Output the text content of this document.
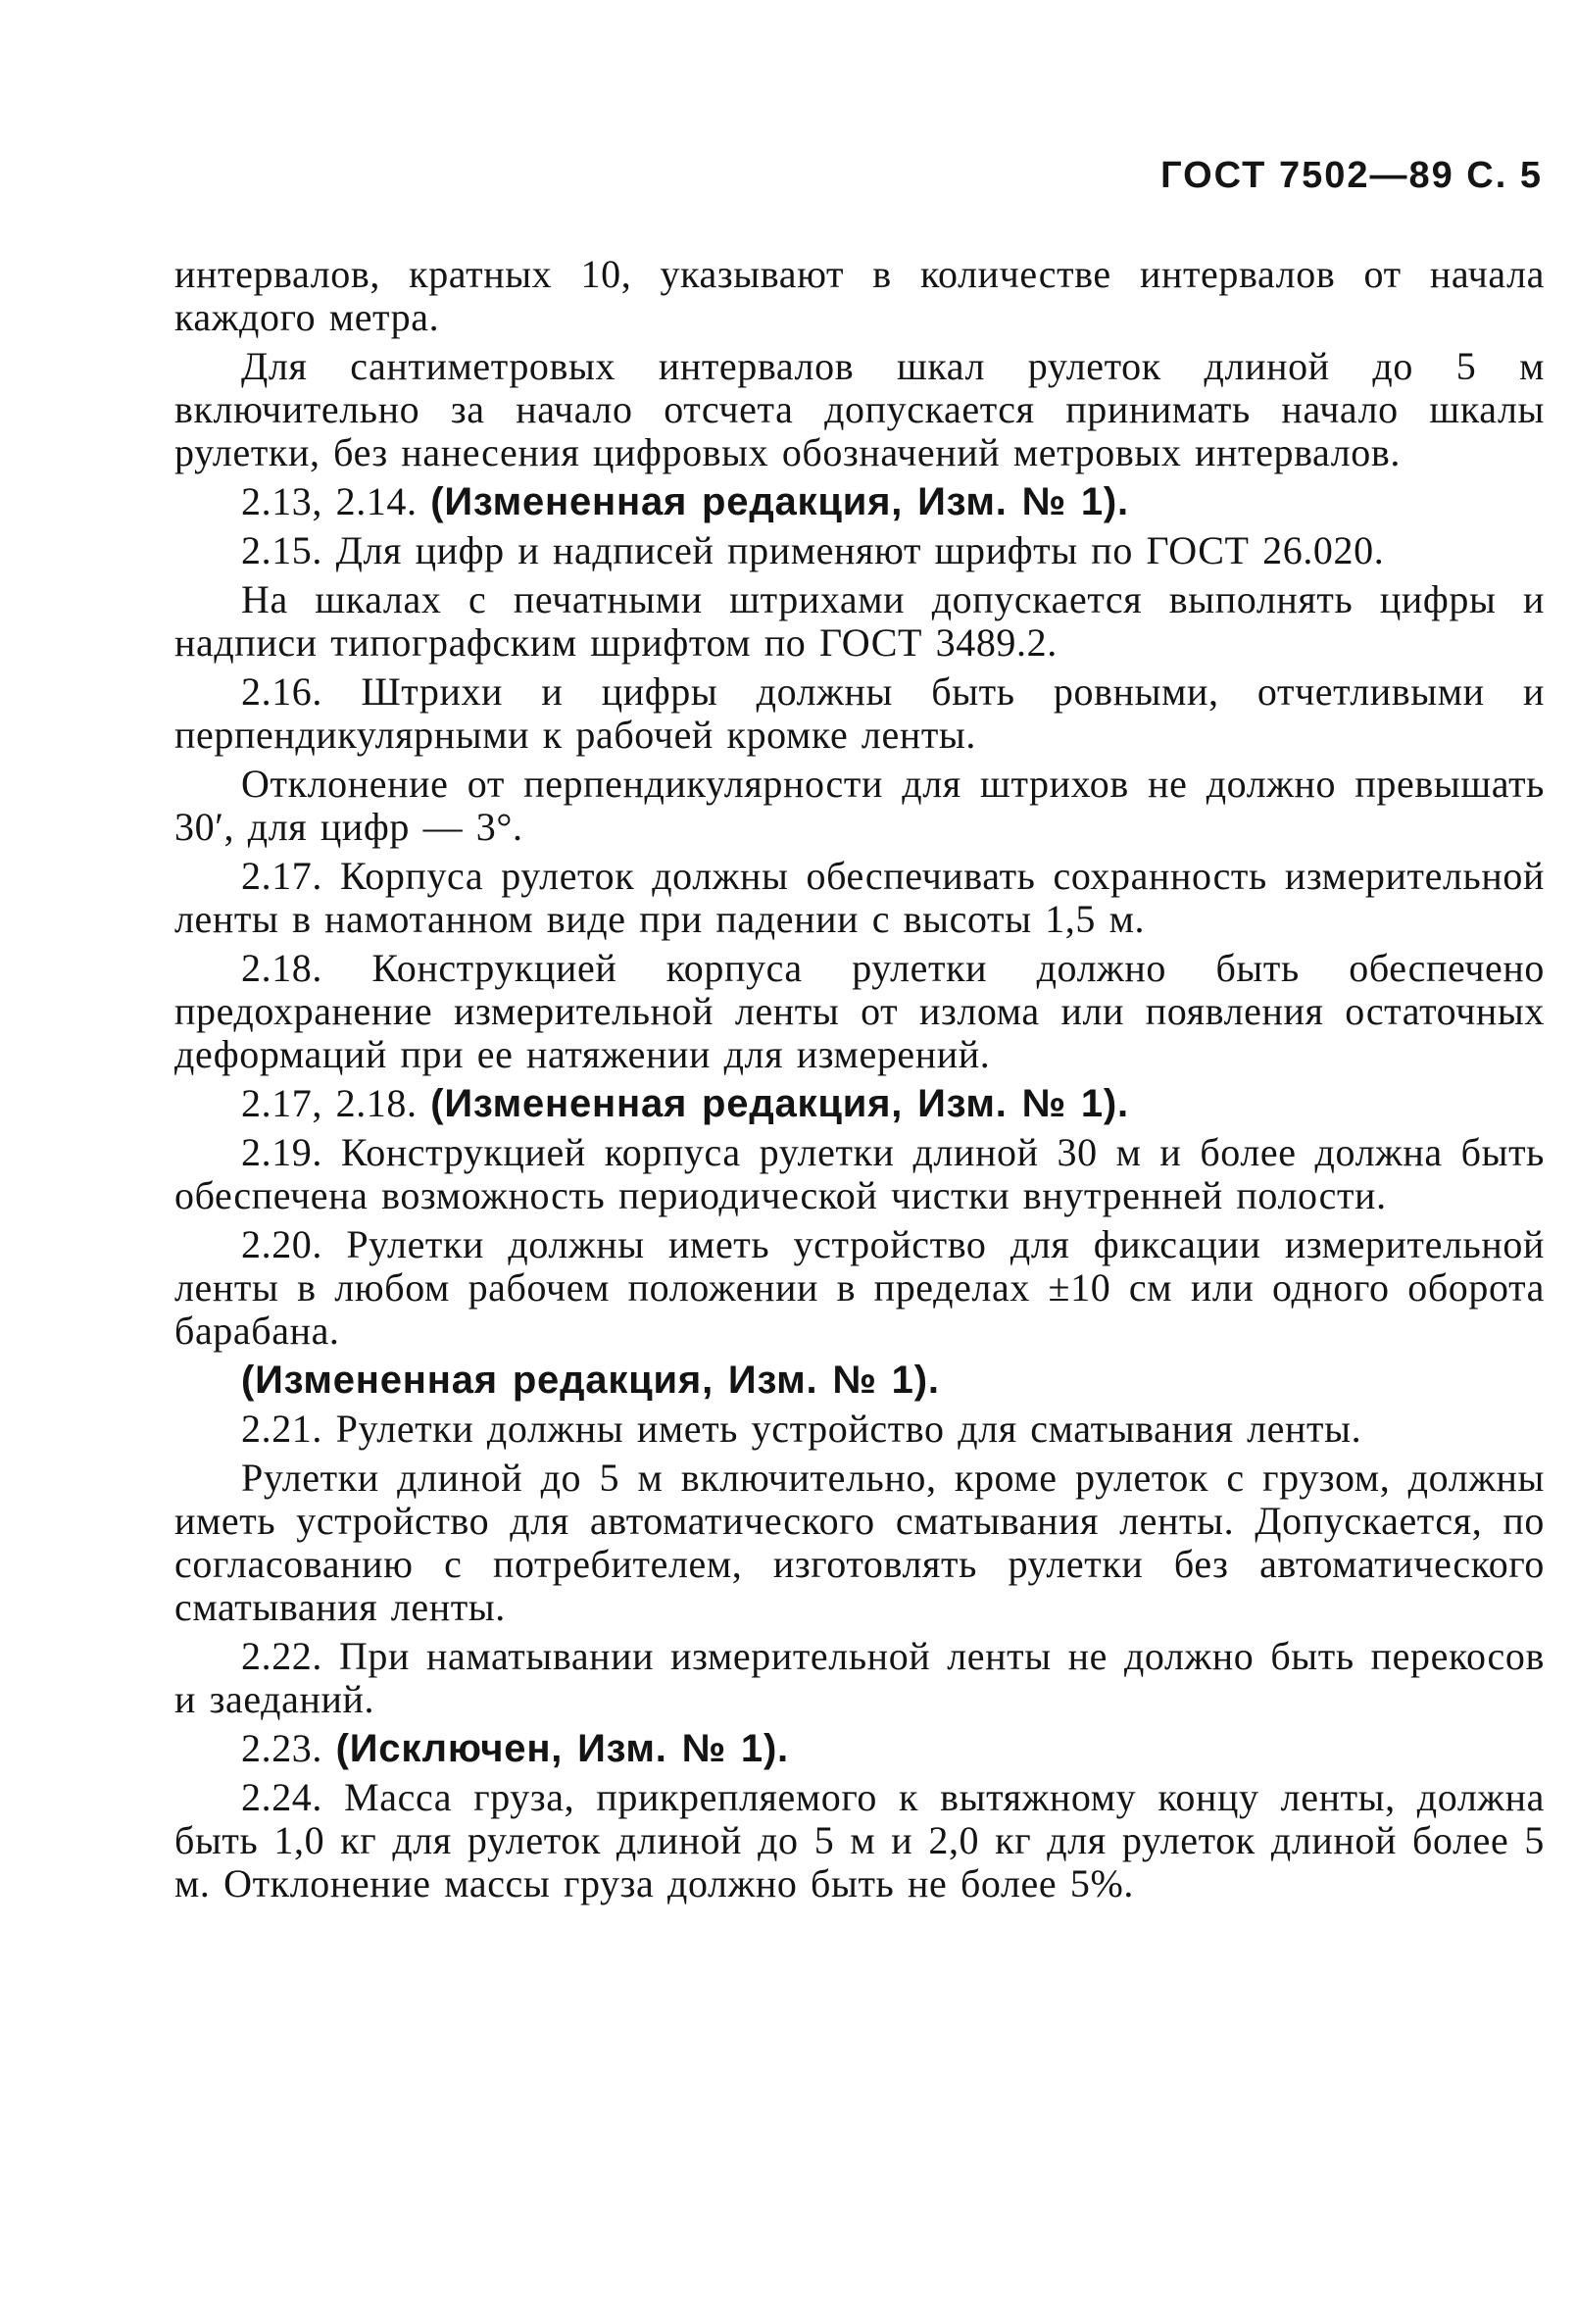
ГОСТ 7502—89 С. 5

интервалов, кратных 10, указывают в количестве интервалов от начала каждого метра.

Для сантиметровых интервалов шкал рулеток длиной до 5 м включительно за начало отсчета допускается принимать начало шкалы рулетки, без нанесения цифровых обозначений метровых интервалов.

2.13, 2.14. (Измененная редакция, Изм. № 1).

2.15. Для цифр и надписей применяют шрифты по ГОСТ 26.020.

На шкалах с печатными штрихами допускается выполнять цифры и надписи типографским шрифтом по ГОСТ 3489.2.

2.16. Штрихи и цифры должны быть ровными, отчетливыми и перпендикулярными к рабочей кромке ленты.

Отклонение от перпендикулярности для штрихов не должно превышать 30′, для цифр — 3°.

2.17. Корпуса рулеток должны обеспечивать сохранность измерительной ленты в намотанном виде при падении с высоты 1,5 м.

2.18. Конструкцией корпуса рулетки должно быть обеспечено предохранение измерительной ленты от излома или появления остаточных деформаций при ее натяжении для измерений.

2.17, 2.18. (Измененная редакция, Изм. № 1).

2.19. Конструкцией корпуса рулетки длиной 30 м и более должна быть обеспечена возможность периодической чистки внутренней полости.

2.20. Рулетки должны иметь устройство для фиксации измерительной ленты в любом рабочем положении в пределах ±10 см или одного оборота барабана.

(Измененная редакция, Изм. № 1).

2.21. Рулетки должны иметь устройство для сматывания ленты.

Рулетки длиной до 5 м включительно, кроме рулеток с грузом, должны иметь устройство для автоматического сматывания ленты. Допускается, по согласованию с потребителем, изготовлять рулетки без автоматического сматывания ленты.

2.22. При наматывании измерительной ленты не должно быть перекосов и заеданий.

2.23. (Исключен, Изм. № 1).

2.24. Масса груза, прикрепляемого к вытяжному концу ленты, должна быть 1,0 кг для рулеток длиной до 5 м и 2,0 кг для рулеток длиной более 5 м. Отклонение массы груза должно быть не более 5%.
